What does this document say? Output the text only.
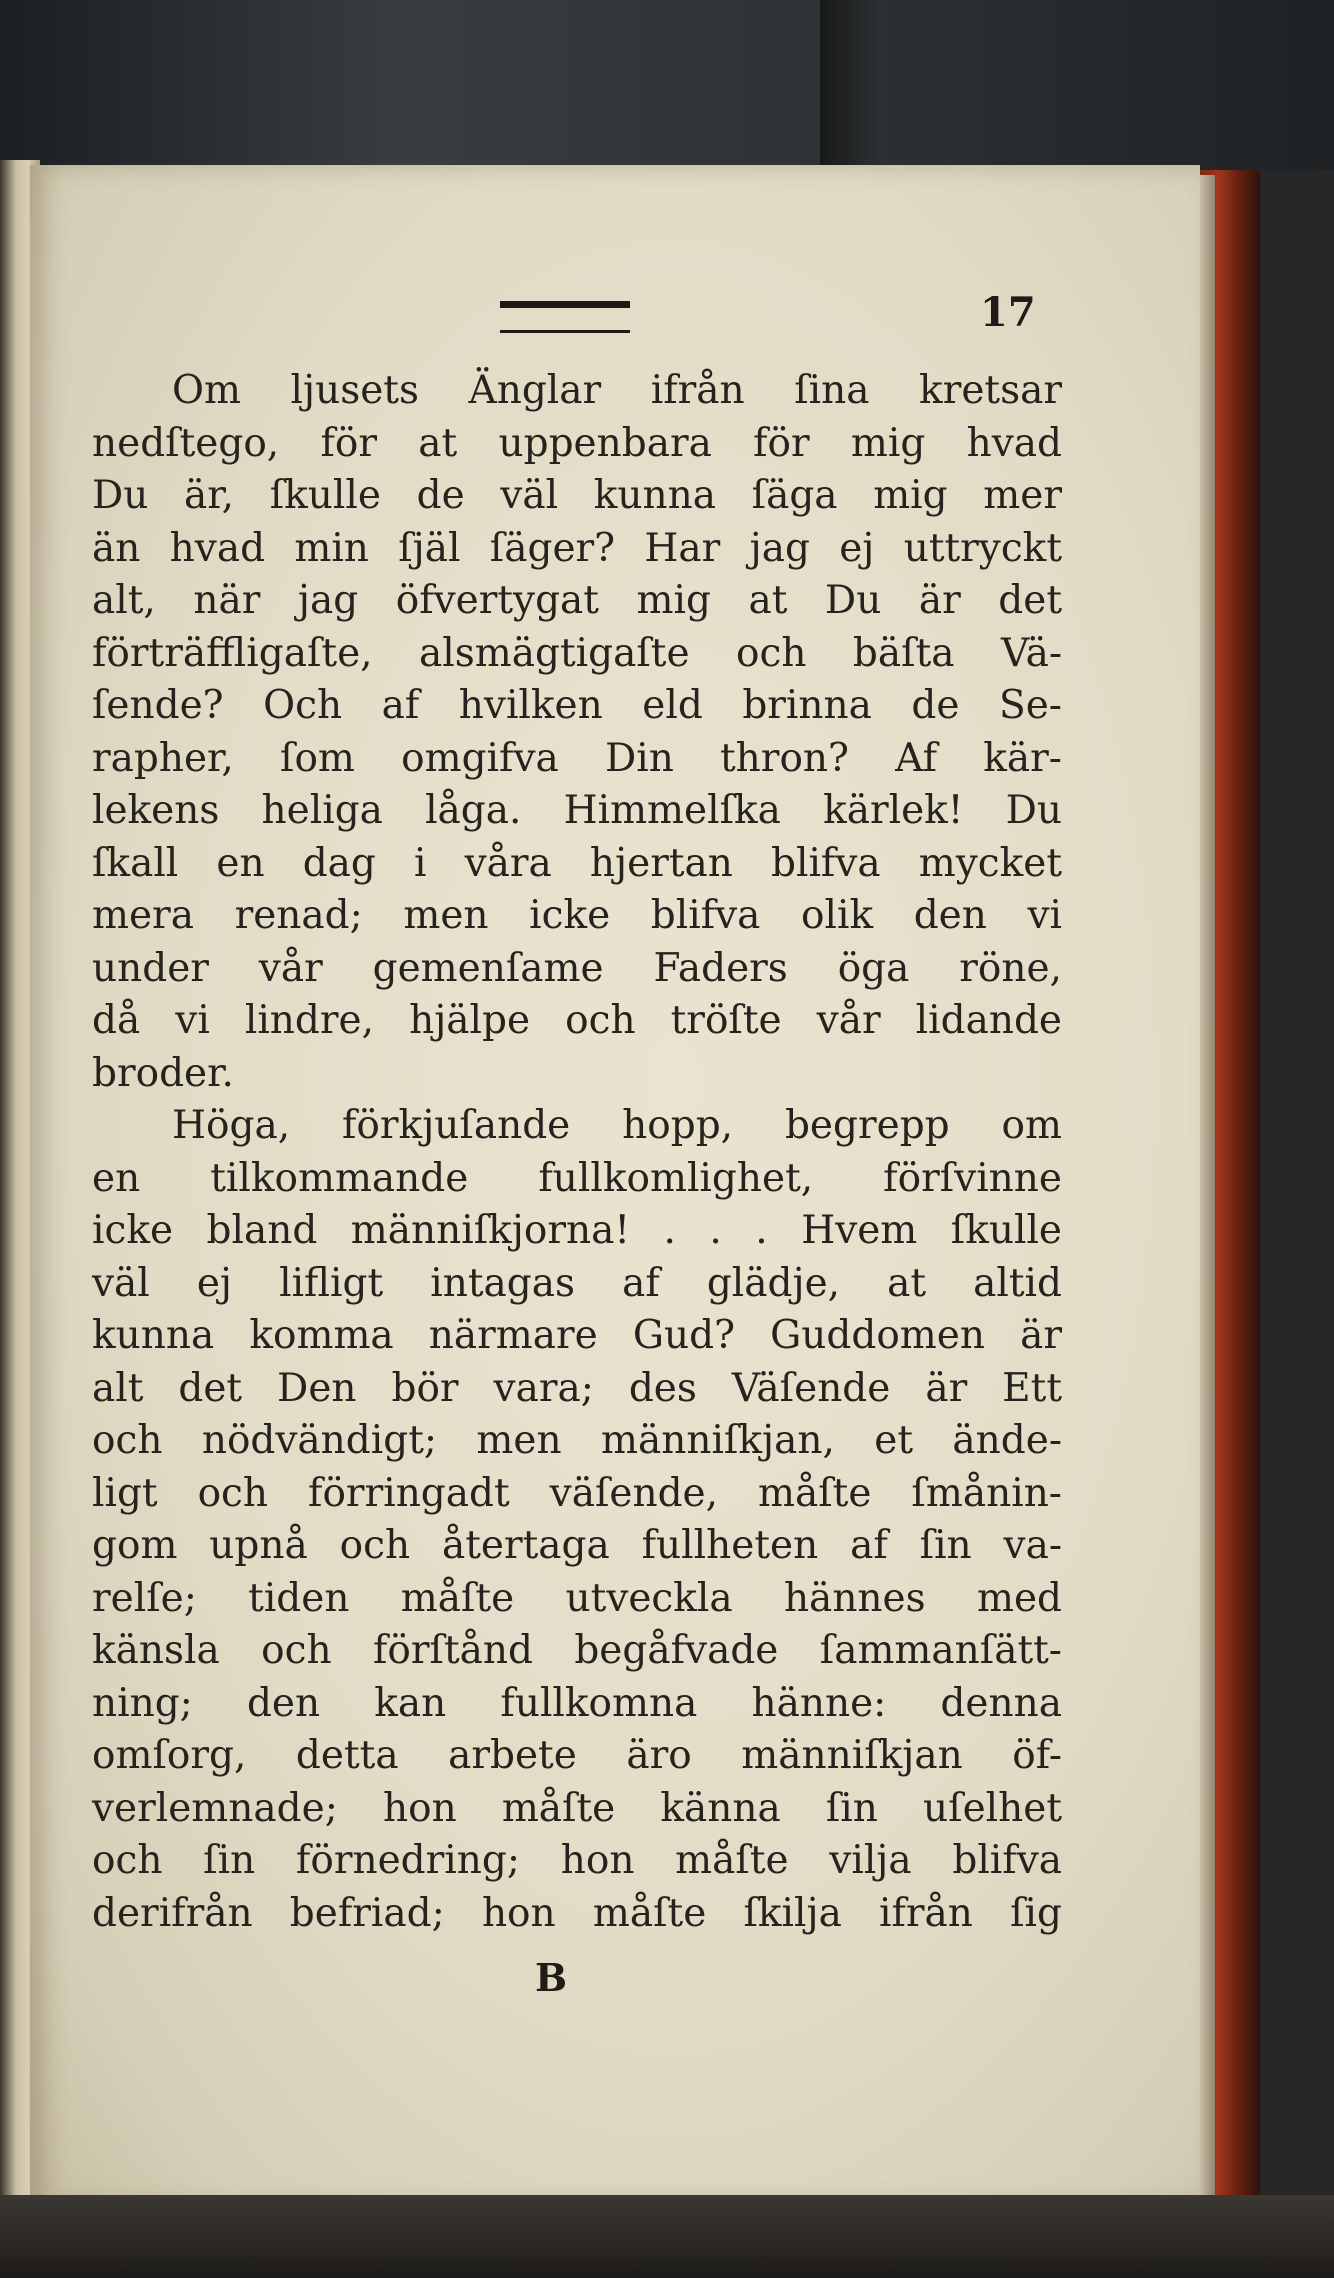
17
Om ljusets Änglar ifrån ſina kretsar
nedſtego, för at uppenbara för mig hvad
Du är, ſkulle de väl kunna ſäga mig mer
än hvad min ſjäl ſäger? Har jag ej uttryckt
alt, när jag öfvertygat mig at Du är det
förträffligaſte, alsmägtigaſte och bäſta Vä-
ſende? Och af hvilken eld brinna de Se-
rapher, ſom omgifva Din thron? Af kär-
lekens heliga låga. Himmelſka kärlek! Du
ſkall en dag i våra hjertan blifva mycket
mera renad; men icke blifva olik den vi
under vår gemenſame Faders öga röne,
då vi lindre, hjälpe och tröſte vår lidande
broder.
Höga, förkjuſande hopp, begrepp om
en tilkommande fullkomlighet, förſvinne
icke bland männiſkjorna! . . . Hvem ſkulle
väl ej lifligt intagas af glädje, at altid
kunna komma närmare Gud? Guddomen är
alt det Den bör vara; des Väſende är Ett
och nödvändigt; men männiſkjan, et ände-
ligt och förringadt väſende, måſte ſmånin-
gom upnå och återtaga fullheten af ſin va-
relſe; tiden måſte utveckla hännes med
känsla och förſtånd begåfvade ſammanſätt-
ning; den kan fullkomna hänne: denna
omſorg, detta arbete äro männiſkjan öf-
verlemnade; hon måſte känna ſin uſelhet
och ſin förnedring; hon måſte vilja blifva
derifrån befriad; hon måſte ſkilja ifrån ſig
B
